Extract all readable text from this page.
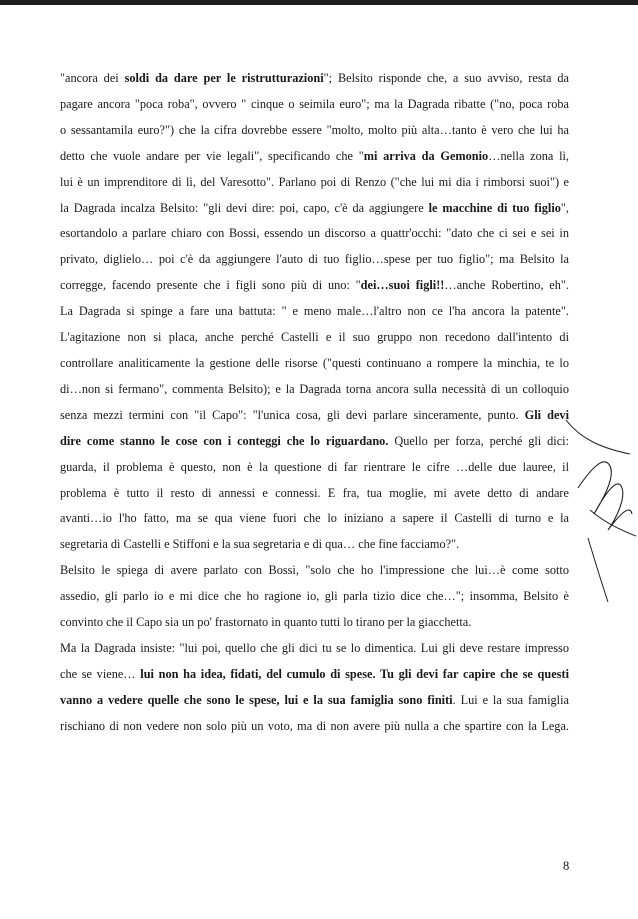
"ancora dei soldi da dare per le ristrutturazioni"; Belsito risponde che, a suo avviso, resta da
pagare ancora "poca roba", ovvero " cinque o seimila euro"; ma la Dagrada ribatte ("no, poca roba
o sessantamila euro?") che la cifra dovrebbe essere "molto, molto più alta…tanto è vero che lui ha
detto che vuole andare per vie legali", specificando che "mi arriva da Gemonio…nella zona lì,
lui è un imprenditore di lì, del Varesotto". Parlano poi di Renzo ("che lui mi dia i rimborsi suoi") e
la Dagrada incalza Belsito: "gli devi dire: poi, capo, c'è da aggiungere le macchine di tuo figlio",
esortandolo a parlare chiaro con Bossi, essendo un discorso a quattr'occhi: "dato che ci sei e sei in
privato, diglielo… poi c'è da aggiungere l'auto di tuo figlio…spese per tuo figlio"; ma Belsito la
corregge, facendo presente che i figli sono più di uno: "dei…suoi figli!!…anche Robertino, eh".
La Dagrada si spinge a fare una battuta: " e meno male…l'altro non ce l'ha ancora la patente".
L'agitazione non si placa, anche perché Castelli e il suo gruppo non recedono dall'intento di
controllare analiticamente la gestione delle risorse ("questi continuano a rompere la minchia, te lo
di…non si fermano", commenta Belsito); e la Dagrada torna ancora sulla necessità di un colloquio
senza mezzi termini con "il Capo": "l'unica cosa, gli devi parlare sinceramente, punto. Gli devi
dire come stanno le cose con i conteggi che lo riguardano. Quello per forza, perché gli dici:
guarda, il problema è questo, non è la questione di far rientrare le cifre …delle due lauree, il
problema è tutto il resto di annessi e connessi. E fra, tua moglie, mi avete detto di andare
avanti…io l'ho fatto, ma se qua viene fuori che lo iniziano a sapere il Castelli di turno e la
segretaria di Castelli e Stiffoni e la sua segretaria e di qua… che fine facciamo?".
Belsito le spiega di avere parlato con Bossi, "solo che ho l'impressione che lui…è come sotto
assedio, gli parlo io e mi dice che ho ragione io, gli parla tizio dice che…"; insomma, Belsito è
convinto che il Capo sia un po' frastornato in quanto tutti lo tirano per la giacchetta.
Ma la Dagrada insiste: "lui poi, quello che gli dici tu se lo dimentica. Lui gli deve restare impresso
che se viene… lui non ha idea, fidati, del cumulo di spese. Tu gli devi far capire che se questi
vanno a vedere quelle che sono le spese, lui e la sua famiglia sono finiti. Lui e la sua famiglia
rischiano di non vedere non solo più un voto, ma di non avere più nulla a che spartire con la Lega.
8
